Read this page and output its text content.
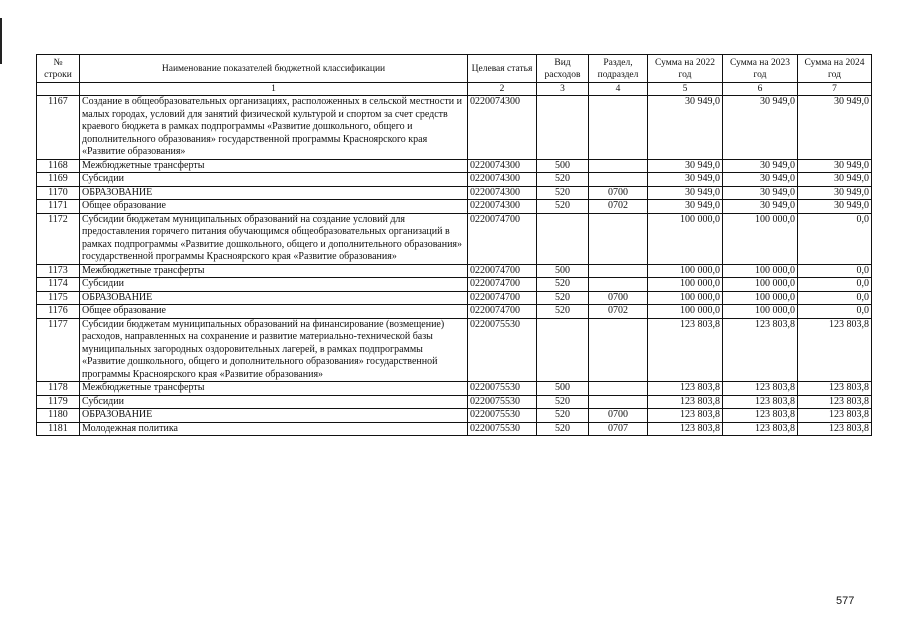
№ строки	Наименование показателей бюджетной классификации	Целевая статья	Вид расходов	Раздел, подраздел	Сумма на 2022 год	Сумма на 2023 год	Сумма на 2024 год
	1	2	3	4	5	6	7
1167	Создание в общеобразовательных организациях, расположенных в сельской местности и малых городах, условий для занятий физической культурой и спортом за счет средств краевого бюджета в рамках подпрограммы «Развитие дошкольного, общего и дополнительного образования» государственной программы Красноярского края «Развитие образования»	0220074300			30 949,0	30 949,0	30 949,0
1168	Межбюджетные трансферты	0220074300	500		30 949,0	30 949,0	30 949,0
1169	Субсидии	0220074300	520		30 949,0	30 949,0	30 949,0
1170	ОБРАЗОВАНИЕ	0220074300	520	0700	30 949,0	30 949,0	30 949,0
1171	Общее образование	0220074300	520	0702	30 949,0	30 949,0	30 949,0
1172	Субсидии бюджетам муниципальных образований на создание условий для предоставления горячего питания обучающимся общеобразовательных организаций в рамках подпрограммы «Развитие дошкольного, общего и дополнительного образования» государственной программы Красноярского края «Развитие образования»	0220074700			100 000,0	100 000,0	0,0
1173	Межбюджетные трансферты	0220074700	500		100 000,0	100 000,0	0,0
1174	Субсидии	0220074700	520		100 000,0	100 000,0	0,0
1175	ОБРАЗОВАНИЕ	0220074700	520	0700	100 000,0	100 000,0	0,0
1176	Общее образование	0220074700	520	0702	100 000,0	100 000,0	0,0
1177	Субсидии бюджетам муниципальных образований на финансирование (возмещение) расходов, направленных на сохранение и развитие материально-технической базы муниципальных загородных оздоровительных лагерей, в рамках подпрограммы «Развитие дошкольного, общего и дополнительного образования» государственной программы Красноярского края «Развитие образования»	0220075530			123 803,8	123 803,8	123 803,8
1178	Межбюджетные трансферты	0220075530	500		123 803,8	123 803,8	123 803,8
1179	Субсидии	0220075530	520		123 803,8	123 803,8	123 803,8
1180	ОБРАЗОВАНИЕ	0220075530	520	0700	123 803,8	123 803,8	123 803,8
1181	Молодежная политика	0220075530	520	0707	123 803,8	123 803,8	123 803,8
577
